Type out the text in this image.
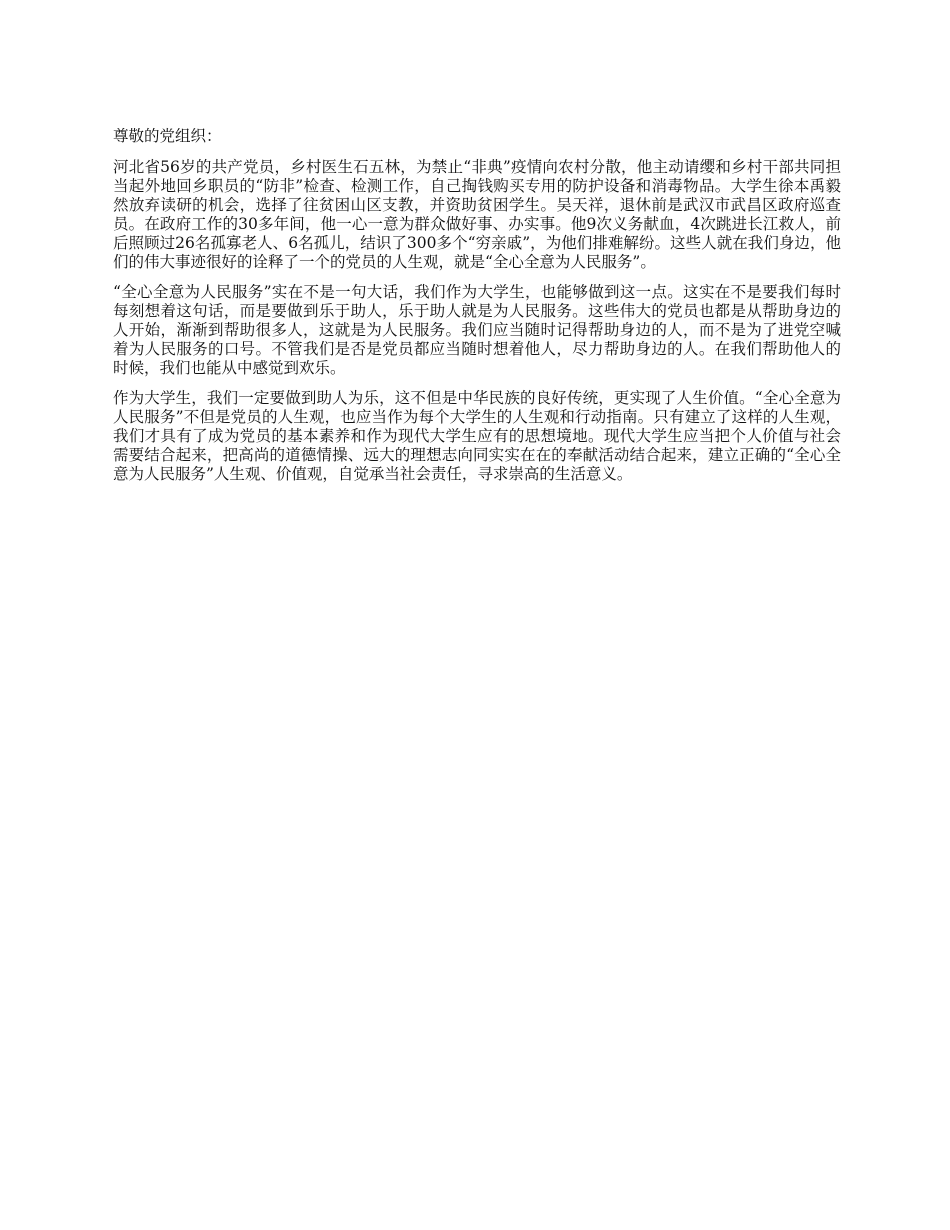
尊敬的党组织：

河北省56岁的共产党员，乡村医生石五林，为禁止“非典”疫情向农村分散，他主动请缨和乡村干部共同担当起外地回乡职员的“防非”检查、检测工作，自己掏钱购买专用的防护设备和消毒物品。大学生徐本禹毅然放弃读研的机会，选择了往贫困山区支教，并资助贫困学生。吴天祥，退休前是武汉市武昌区政府巡查员。在政府工作的30多年间，他一心一意为群众做好事、办实事。他9次义务献血，4次跳进长江救人，前后照顾过26名孤寡老人、6名孤儿，结识了300多个“穷亲戚”，为他们排难解纷。这些人就在我们身边，他们的伟大事迹很好的诠释了一个的党员的人生观，就是“全心全意为人民服务”。

“全心全意为人民服务”实在不是一句大话，我们作为大学生，也能够做到这一点。这实在不是要我们每时每刻想着这句话，而是要做到乐于助人，乐于助人就是为人民服务。这些伟大的党员也都是从帮助身边的人开始，渐渐到帮助很多人，这就是为人民服务。我们应当随时记得帮助身边的人，而不是为了进党空喊着为人民服务的口号。不管我们是否是党员都应当随时想着他人，尽力帮助身边的人。在我们帮助他人的时候，我们也能从中感觉到欢乐。

作为大学生，我们一定要做到助人为乐，这不但是中华民族的良好传统，更实现了人生价值。“全心全意为人民服务”不但是党员的人生观，也应当作为每个大学生的人生观和行动指南。只有建立了这样的人生观，我们才具有了成为党员的基本素养和作为现代大学生应有的思想境地。现代大学生应当把个人价值与社会需要结合起来，把高尚的道德情操、远大的理想志向同实实在在的奉献活动结合起来，建立正确的“全心全意为人民服务”人生观、价值观，自觉承当社会责任，寻求崇高的生活意义。
